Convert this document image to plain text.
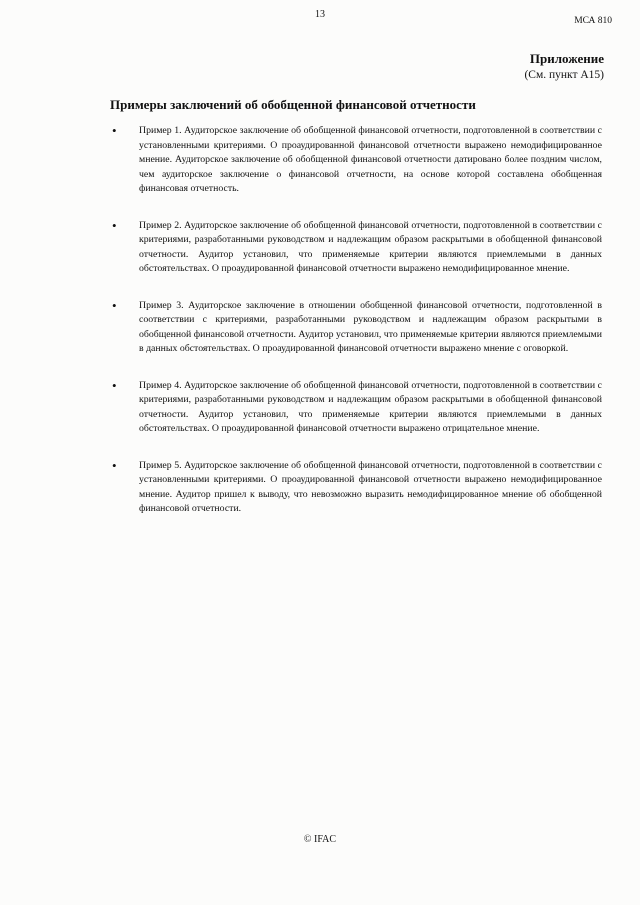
13
МСА 810
Приложение
(См. пункт А15)
Примеры заключений об обобщенной финансовой отчетности
•	Пример 1. Аудиторское заключение об обобщенной финансовой отчетности, подготовленной в соответствии с установленными критериями. О проаудированной финансовой отчетности выражено немодифицированное мнение. Аудиторское заключение об обобщенной финансовой отчетности датировано более поздним числом, чем аудиторское заключение о финансовой отчетности, на основе которой составлена обобщенная финансовая отчетность.

•	Пример 2. Аудиторское заключение об обобщенной финансовой отчетности, подготовленной в соответствии с критериями, разработанными руководством и надлежащим образом раскрытыми в обобщенной финансовой отчетности. Аудитор установил, что применяемые критерии являются приемлемыми в данных обстоятельствах. О проаудированной финансовой отчетности выражено немодифицированное мнение.

•	Пример 3. Аудиторское заключение в отношении обобщенной финансовой отчетности, подготовленной в соответствии с критериями, разработанными руководством и надлежащим образом раскрытыми в обобщенной финансовой отчетности. Аудитор установил, что применяемые критерии являются приемлемыми в данных обстоятельствах. О проаудированной финансовой отчетности выражено мнение с оговоркой.

•	Пример 4. Аудиторское заключение об обобщенной финансовой отчетности, подготовленной в соответствии с критериями, разработанными руководством и надлежащим образом раскрытыми в обобщенной финансовой отчетности. Аудитор установил, что применяемые критерии являются приемлемыми в данных обстоятельствах. О проаудированной финансовой отчетности выражено отрицательное мнение.

•	Пример 5. Аудиторское заключение об обобщенной финансовой отчетности, подготовленной в соответствии с установленными критериями. О проаудированной финансовой отчетности выражено немодифицированное мнение. Аудитор пришел к выводу, что невозможно выразить немодифицированное мнение об обобщенной финансовой отчетности.

© IFAC
